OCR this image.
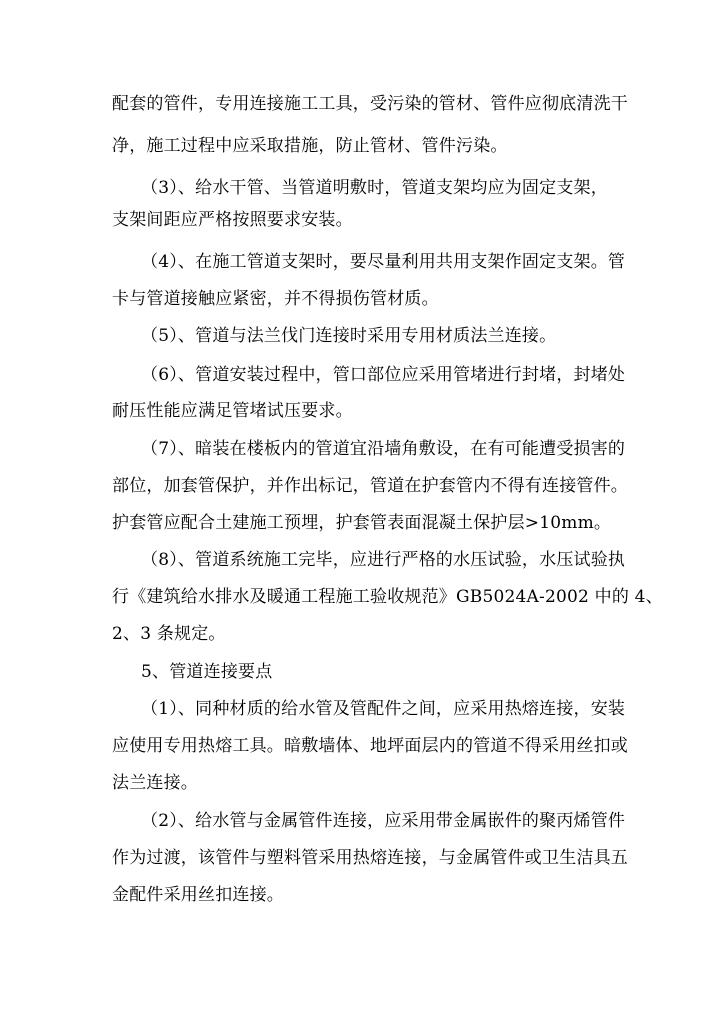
配套的管件，专用连接施工工具，受污染的管材、管件应彻底清洗干
净，施工过程中应采取措施，防止管材、管件污染。
（3）、给水干管、当管道明敷时，管道支架均应为固定支架，
支架间距应严格按照要求安装。
（4）、在施工管道支架时，要尽量利用共用支架作固定支架。管
卡与管道接触应紧密，并不得损伤管材质。
（5）、管道与法兰伐门连接时采用专用材质法兰连接。
（6）、管道安装过程中，管口部位应采用管堵进行封堵，封堵处
耐压性能应满足管堵试压要求。
（7）、暗装在楼板内的管道宜沿墙角敷设，在有可能遭受损害的
部位，加套管保护，并作出标记，管道在护套管内不得有连接管件。
护套管应配合土建施工预埋，护套管表面混凝土保护层>10mm。
（8）、管道系统施工完毕，应进行严格的水压试验，水压试验执
行《建筑给水排水及暖通工程施工验收规范》GB5024A-2002 中的 4、
2、3 条规定。
5、管道连接要点
（1）、同种材质的给水管及管配件之间，应采用热熔连接，安装
应使用专用热熔工具。暗敷墙体、地坪面层内的管道不得采用丝扣或
法兰连接。
（2）、给水管与金属管件连接，应采用带金属嵌件的聚丙烯管件
作为过渡，该管件与塑料管采用热熔连接，与金属管件或卫生洁具五
金配件采用丝扣连接。
